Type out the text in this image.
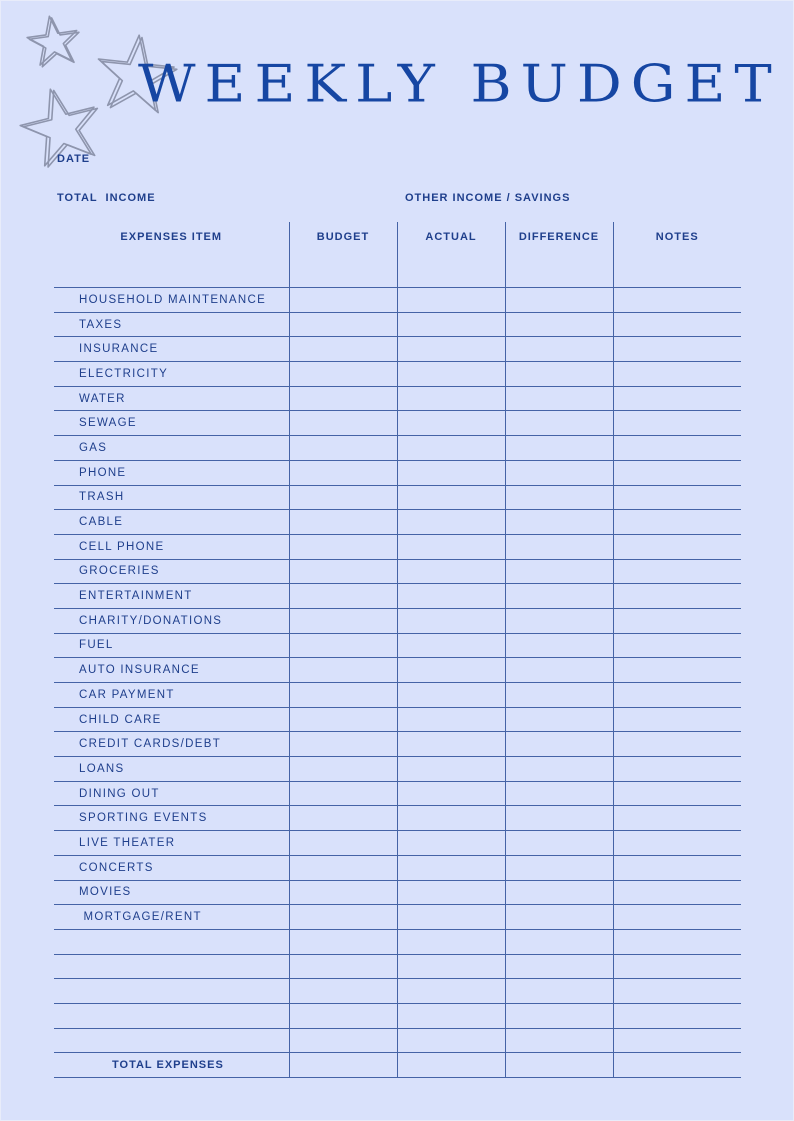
WEEKLY BUDGET
DATE
TOTAL  INCOME	OTHER INCOME / SAVINGS
EXPENSES ITEM	BUDGET	ACTUAL	DIFFERENCE	NOTES
HOUSEHOLD MAINTENANCE				
TAXES				
INSURANCE				
ELECTRICITY				
WATER				
SEWAGE				
GAS				
PHONE				
TRASH				
CABLE				
CELL PHONE				
GROCERIES				
ENTERTAINMENT				
CHARITY/DONATIONS				
FUEL				
AUTO INSURANCE				
CAR PAYMENT				
CHILD CARE				
CREDIT CARDS/DEBT				
LOANS				
DINING OUT				
SPORTING EVENTS				
LIVE THEATER				
CONCERTS				
MOVIES				
MORTGAGE/RENT				

TOTAL EXPENSES				
